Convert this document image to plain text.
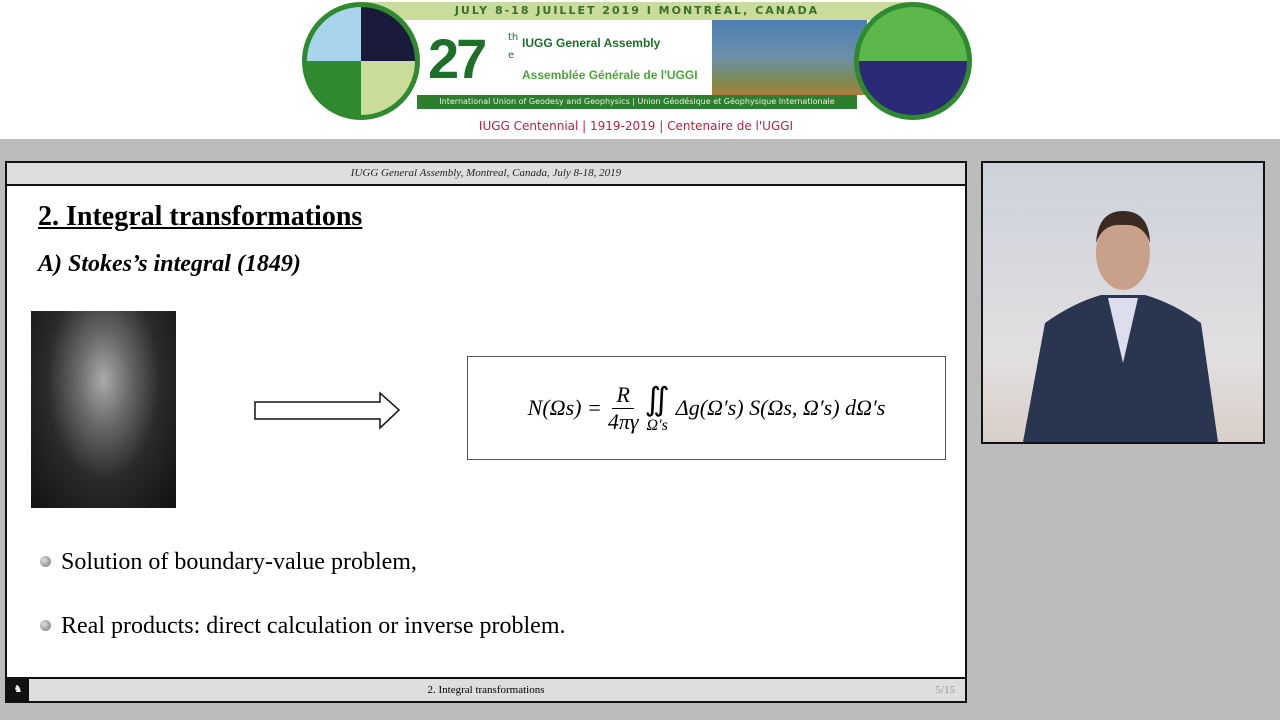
JULY 8-18 JUILLET 2019 I MONTRÉAL, CANADA
27 th
e
IUGG General Assembly
Assemblée Générale de l'UGGI
International Union of Geodesy and Geophysics | Union Géodésique et Géophysique Internationale
IUGG Centennial | 1919-2019 | Centenaire de l'UGGI
IUGG General Assembly, Montreal, Canada, July 8-18, 2019
2. Integral transformations
A) Stokes’s integral (1849)
$N(\Omega s) = \frac{R}{4\pi\gamma}$ ∬
Ω′s
Δg(Ω′s) S(Ωs, Ω′s) dΩ′s
Solution of boundary-value problem,
Real products: direct calculation or inverse problem.
♞	2. Integral transformations	5/15
